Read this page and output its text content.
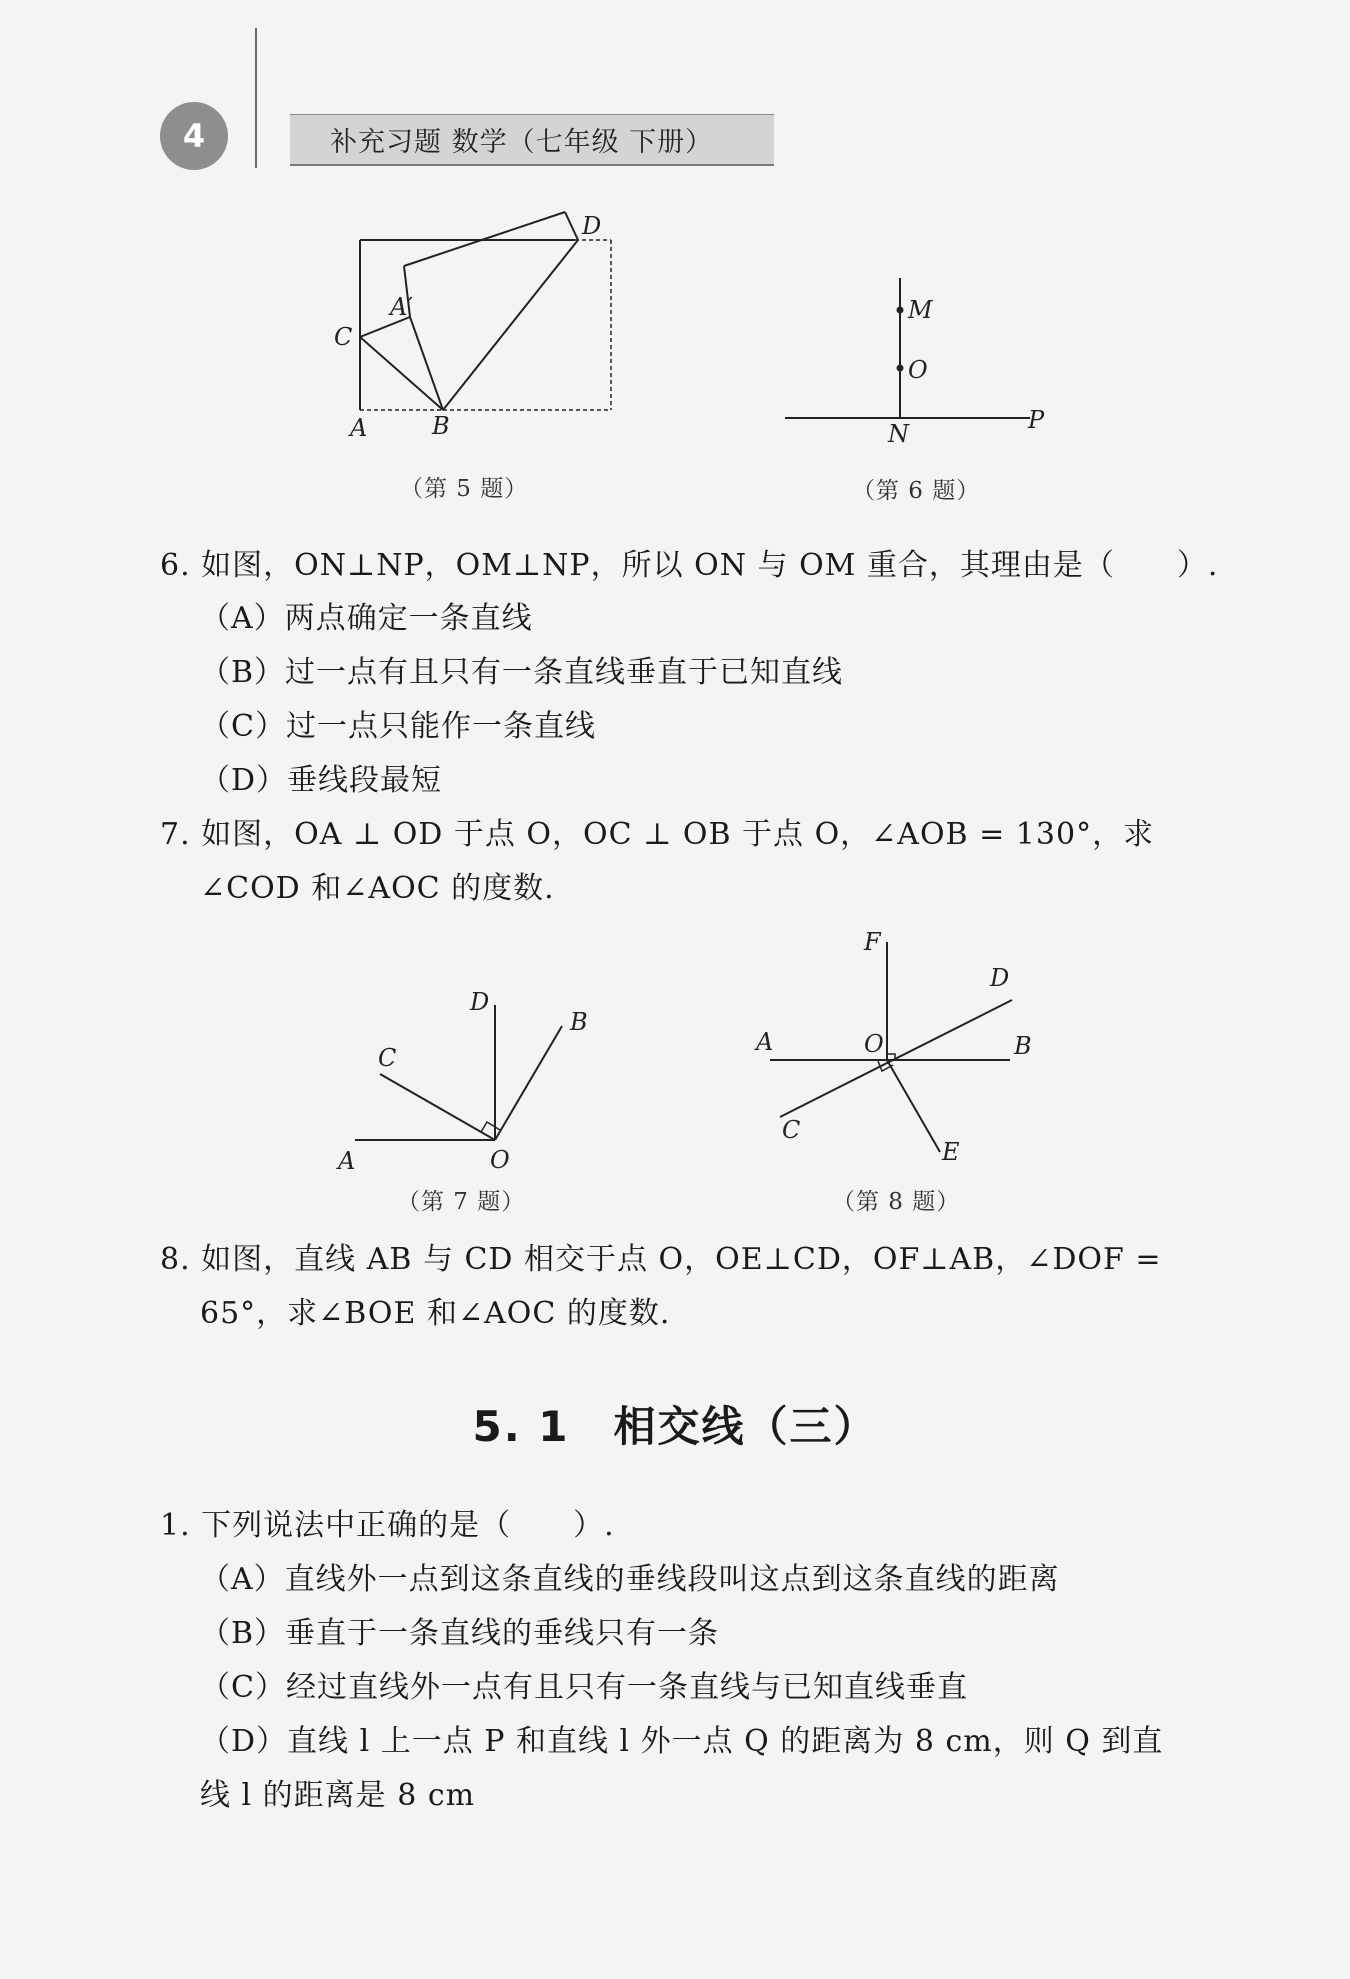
4	补充习题 数学（七年级 下册）
D
A′
C
A	B
（第 5 题）
M
O
N	P
（第 6 题）
6. 如图，ON⊥NP，OM⊥NP，所以 ON 与 OM 重合，其理由是（　　）.
（A）两点确定一条直线
（B）过一点有且只有一条直线垂直于已知直线
（C）过一点只能作一条直线
（D）垂线段最短
7. 如图，OA ⊥ OD 于点 O，OC ⊥ OB 于点 O，∠AOB = 130°，求
∠COD 和∠AOC 的度数.
D
B
C
A	O
（第 7 题）
F
D
A	O	B
C
E
（第 8 题）
8. 如图，直线 AB 与 CD 相交于点 O，OE⊥CD，OF⊥AB，∠DOF =
65°，求∠BOE 和∠AOC 的度数.
5. 1　相交线（三）
1. 下列说法中正确的是（　　）.
（A）直线外一点到这条直线的垂线段叫这点到这条直线的距离
（B）垂直于一条直线的垂线只有一条
（C）经过直线外一点有且只有一条直线与已知直线垂直
（D）直线 l 上一点 P 和直线 l 外一点 Q 的距离为 8 cm，则 Q 到直
线 l 的距离是 8 cm
